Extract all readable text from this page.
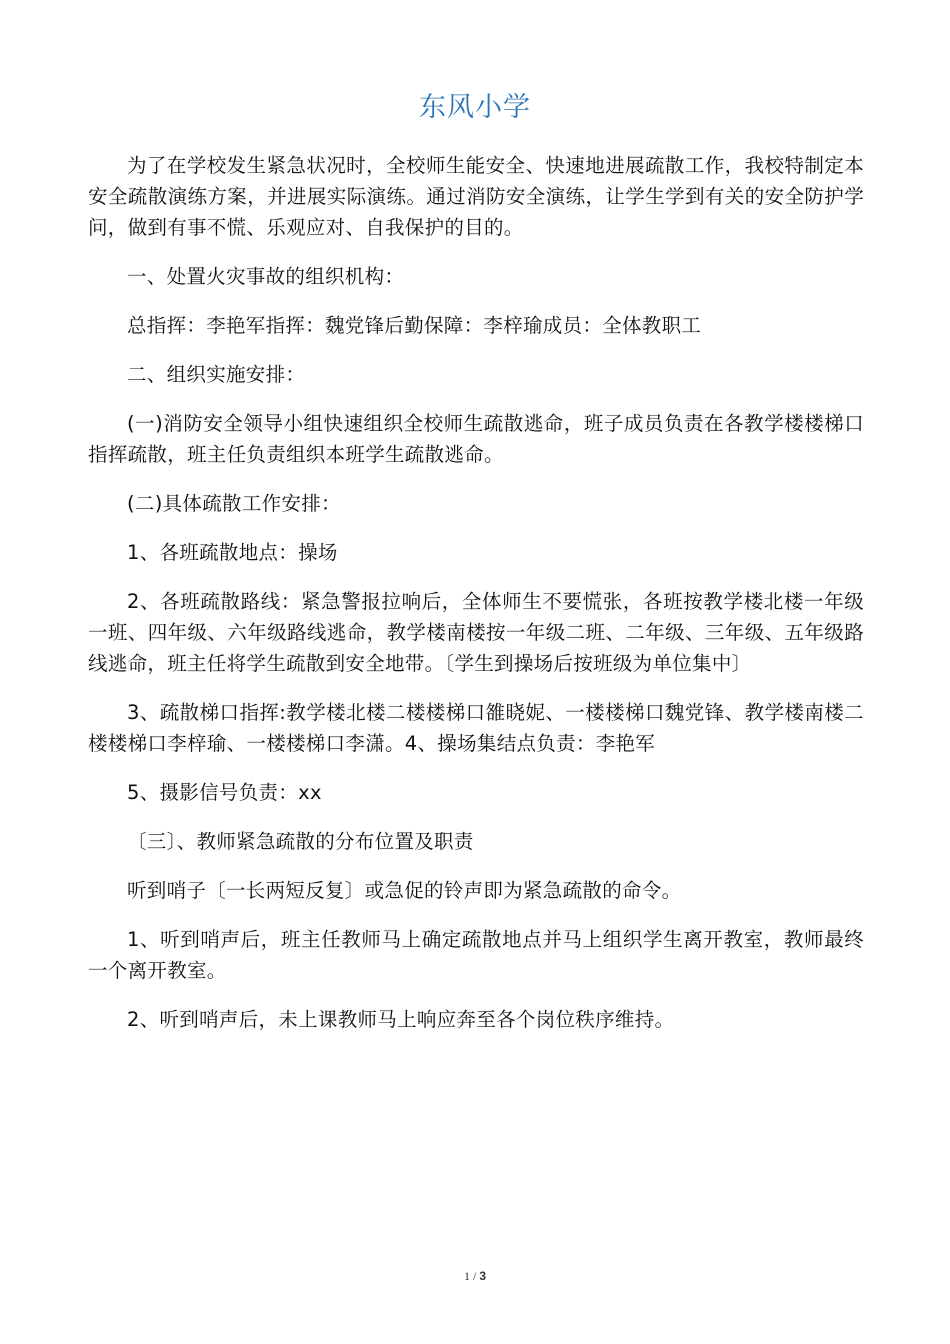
东风小学

为了在学校发生紧急状况时，全校师生能安全、快速地进展疏散工作，我校特制定本安全疏散演练方案，并进展实际演练。通过消防安全演练，让学生学到有关的安全防护学问，做到有事不慌、乐观应对、自我保护的目的。

一、处置火灾事故的组织机构：

总指挥：李艳军指挥：魏党锋后勤保障：李梓瑜成员：全体教职工

二、组织实施安排：

(一)消防安全领导小组快速组织全校师生疏散逃命，班子成员负责在各教学楼楼梯口指挥疏散，班主任负责组织本班学生疏散逃命。

(二)具体疏散工作安排：

1、各班疏散地点：操场

2、各班疏散路线：紧急警报拉响后，全体师生不要慌张，各班按教学楼北楼一年级一班、四年级、六年级路线逃命，教学楼南楼按一年级二班、二年级、三年级、五年级路线逃命，班主任将学生疏散到安全地带。〔学生到操场后按班级为单位集中〕

3、疏散梯口指挥:教学楼北楼二楼楼梯口雒晓妮、一楼楼梯口魏党锋、教学楼南楼二楼楼梯口李梓瑜、一楼楼梯口李潇。4、操场集结点负责：李艳军

5、摄影信号负责：xx

〔三〕、教师紧急疏散的分布位置及职责

听到哨子〔一长两短反复〕或急促的铃声即为紧急疏散的命令。

1、听到哨声后，班主任教师马上确定疏散地点并马上组织学生离开教室，教师最终一个离开教室。

2、听到哨声后，未上课教师马上响应奔至各个岗位秩序维持。

1 / 3
